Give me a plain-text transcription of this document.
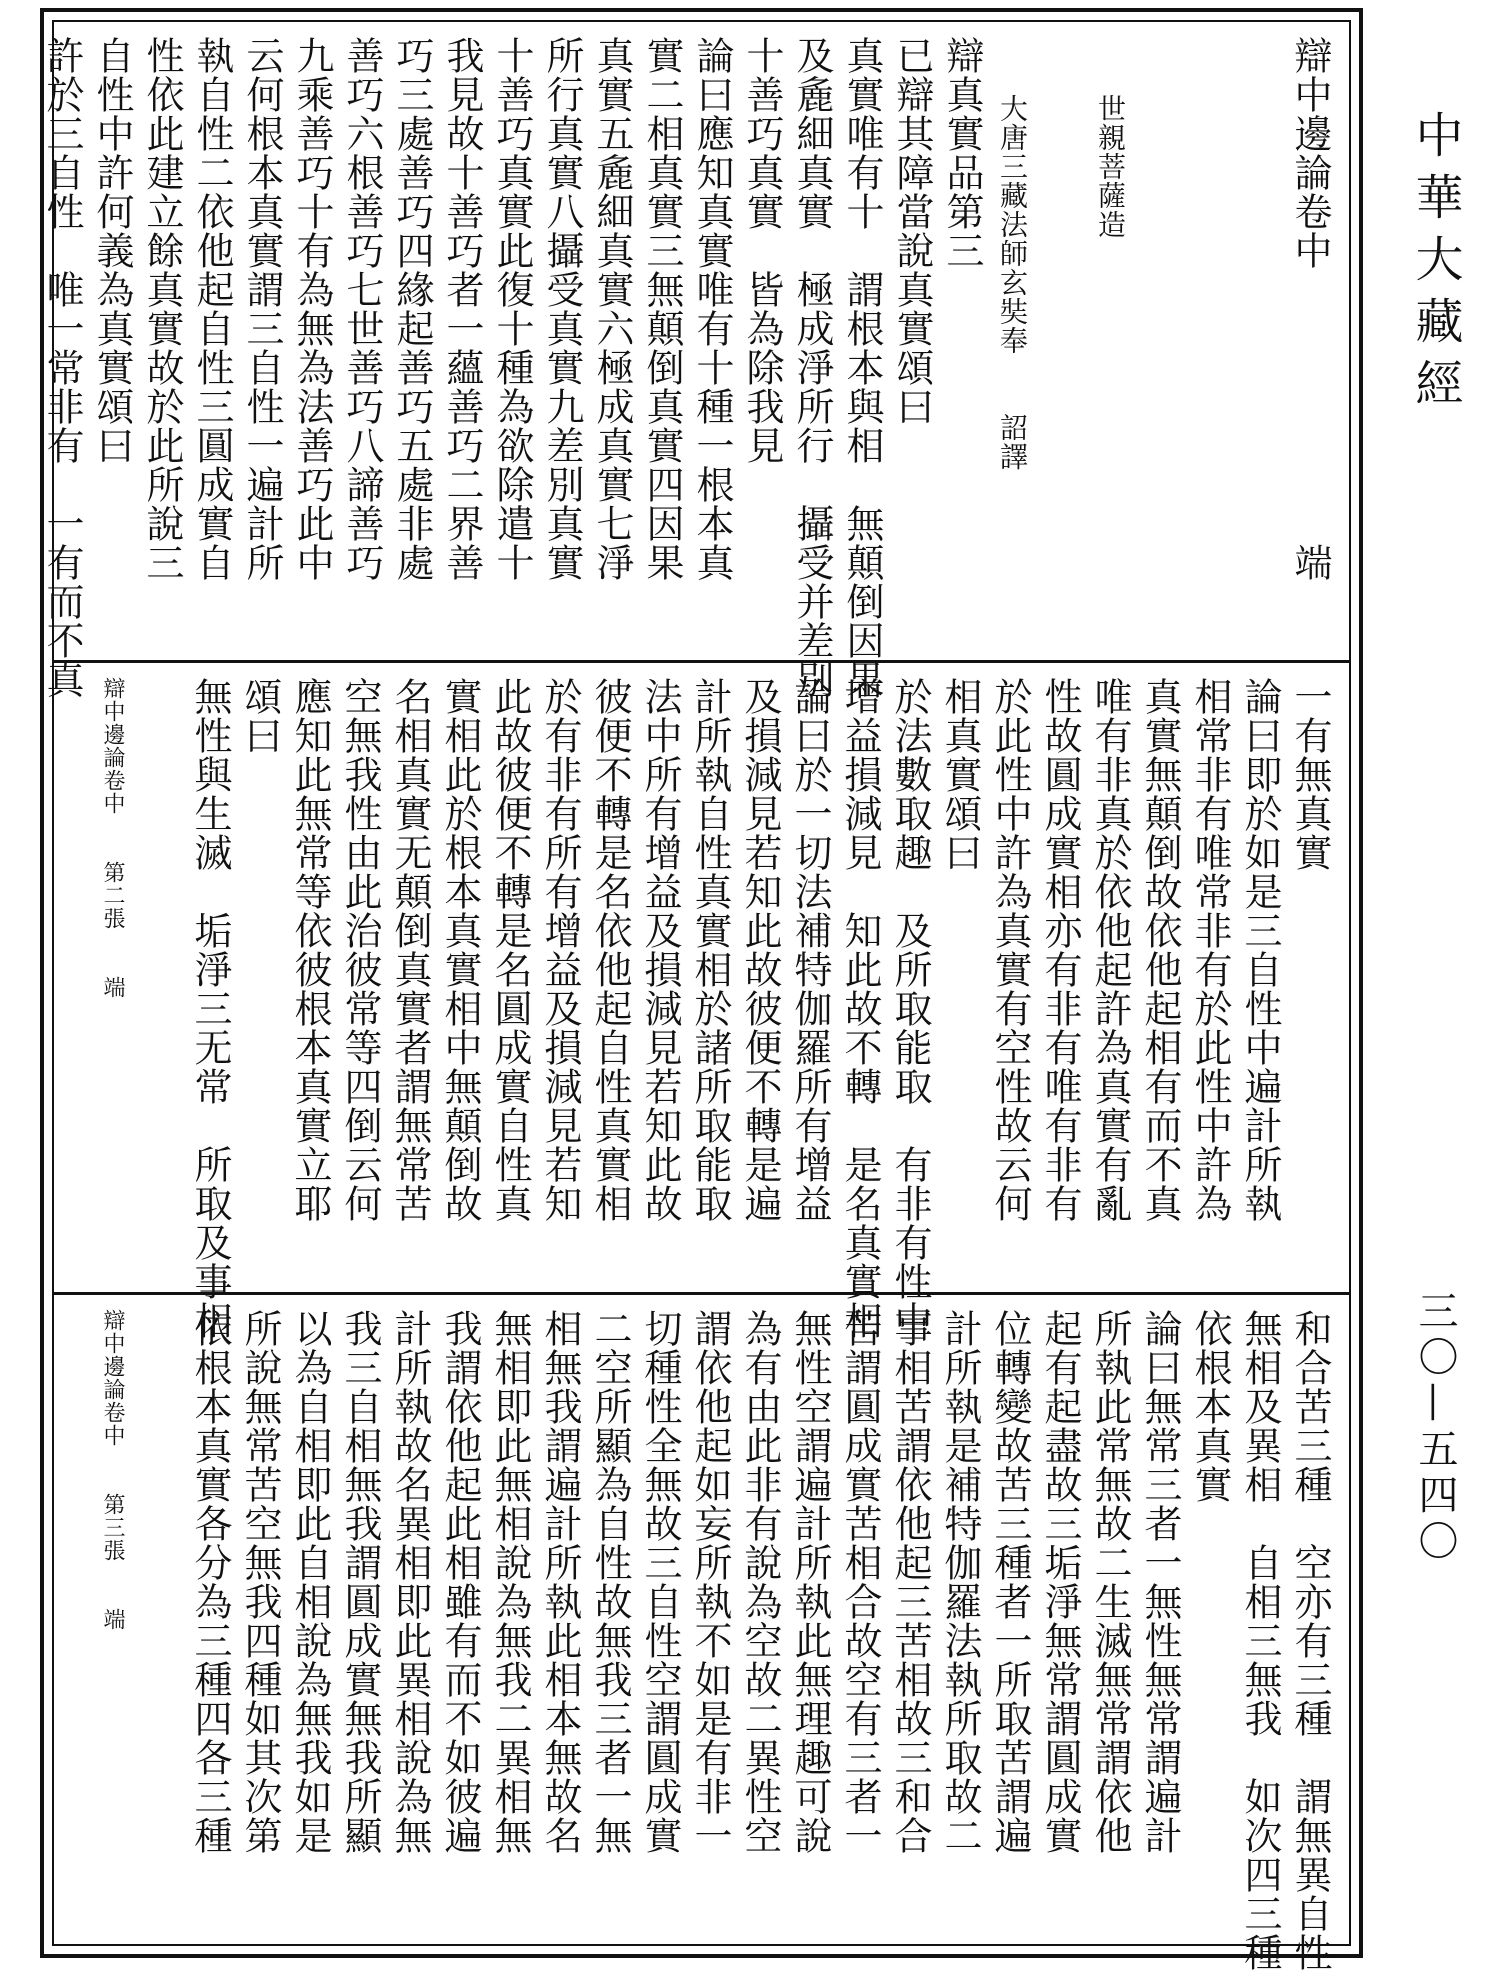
中華大藏經
三〇—五四〇
辯中邊論卷中　　　　　　　端
　　世親菩薩造
　　大唐三藏法師玄奘奉　　詔譯
辯真實品第三
已辯其障當說真實頌曰
真實唯有十　謂根本與相　無顛倒因果
及麁細真實　極成淨所行　攝受并差別
十善巧真實　皆為除我見
論曰應知真實唯有十種一根本真
實二相真實三無顛倒真實四因果
真實五麁細真實六極成真實七淨
所行真實八攝受真實九差別真實
十善巧真實此復十種為欲除遣十
我見故十善巧者一蘊善巧二界善
巧三處善巧四緣起善巧五處非處
善巧六根善巧七世善巧八諦善巧
九乘善巧十有為無為法善巧此中
云何根本真實謂三自性一遍計所
執自性二依他起自性三圓成實自
性依此建立餘真實故於此所說三
自性中許何義為真實頌曰
許於三自性　唯一常非有　一有而不真
一有無真實
論曰即於如是三自性中遍計所執
相常非有唯常非有於此性中許為
真實無顛倒故依他起相有而不真
唯有非真於依他起許為真實有亂
性故圓成實相亦有非有唯有非有
於此性中許為真實有空性故云何
相真實頌曰
於法數取趣　及所取能取　有非有性中
增益損減見　知此故不轉　是名真實相
論曰於一切法補特伽羅所有增益
及損減見若知此故彼便不轉是遍
計所執自性真實相於諸所取能取
法中所有增益及損減見若知此故
彼便不轉是名依他起自性真實相
於有非有所有增益及損減見若知
此故彼便不轉是名圓成實自性真
實相此於根本真實相中無顛倒故
名相真實无顛倒真實者謂無常苦
空無我性由此治彼常等四倒云何
應知此無常等依彼根本真實立耶
頌曰
無性與生滅　垢淨三无常　所取及事相
辯中邊論卷中　　第二張　　端
和合苦三種　空亦有三種　謂無異自性
無相及異相　自相三無我　如次四三種
依根本真實
論曰無常三者一無性無常謂遍計
所執此常無故二生滅無常謂依他
起有起盡故三垢淨無常謂圓成實
位轉變故苦三種者一所取苦謂遍
計所執是補特伽羅法執所取故二
事相苦謂依他起三苦相故三和合
苦謂圓成實苦相合故空有三者一
無性空謂遍計所執此無理趣可說
為有由此非有說為空故二異性空
謂依他起如妄所執不如是有非一
切種性全無故三自性空謂圓成實
二空所顯為自性故無我三者一無
相無我謂遍計所執此相本無故名
無相即此無相說為無我二異相無
我謂依他起此相雖有而不如彼遍
計所執故名異相即此異相說為無
我三自相無我謂圓成實無我所顯
以為自相即此自相說為無我如是
所說無常苦空無我四種如其次第
依根本真實各分為三種四各三種
辯中邊論卷中　　第三張　　端
